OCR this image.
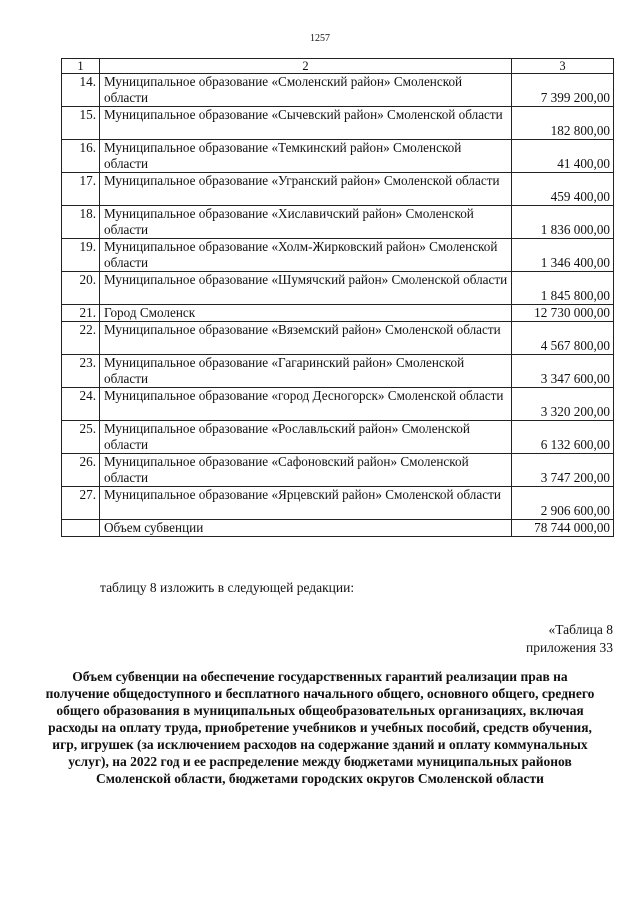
1257
1	2	3
14.	Муниципальное образование «Смоленский район» Смоленской области	7 399 200,00
15.	Муниципальное образование «Сычевский район» Смоленской области	182 800,00
16.	Муниципальное образование «Темкинский район» Смоленской области	41 400,00
17.	Муниципальное образование «Угранский район» Смоленской области	459 400,00
18.	Муниципальное образование «Хиславичский район» Смоленской области	1 836 000,00
19.	Муниципальное образование «Холм-Жирковский район» Смоленской области	1 346 400,00
20.	Муниципальное образование «Шумячский район» Смоленской области	1 845 800,00
21.	Город Смоленск	12 730 000,00
22.	Муниципальное образование «Вяземский район» Смоленской области	4 567 800,00
23.	Муниципальное образование «Гагаринский район» Смоленской области	3 347 600,00
24.	Муниципальное образование «город Десногорск» Смоленской области	3 320 200,00
25.	Муниципальное образование «Рославльский район» Смоленской области	6 132 600,00
26.	Муниципальное образование «Сафоновский район» Смоленской области	3 747 200,00
27.	Муниципальное образование «Ярцевский район» Смоленской области	2 906 600,00
	Объем субвенции	78 744 000,00
таблицу 8 изложить в следующей редакции:
«Таблица 8
приложения 33
Объем субвенции на обеспечение государственных гарантий реализации прав на получение общедоступного и бесплатного начального общего, основного общего, среднего общего образования в муниципальных общеобразовательных организациях, включая расходы на оплату труда, приобретение учебников и учебных пособий, средств обучения, игр, игрушек (за исключением расходов на содержание зданий и оплату коммунальных услуг), на 2022 год и ее распределение между бюджетами муниципальных районов Смоленской области, бюджетами городских округов Смоленской области
